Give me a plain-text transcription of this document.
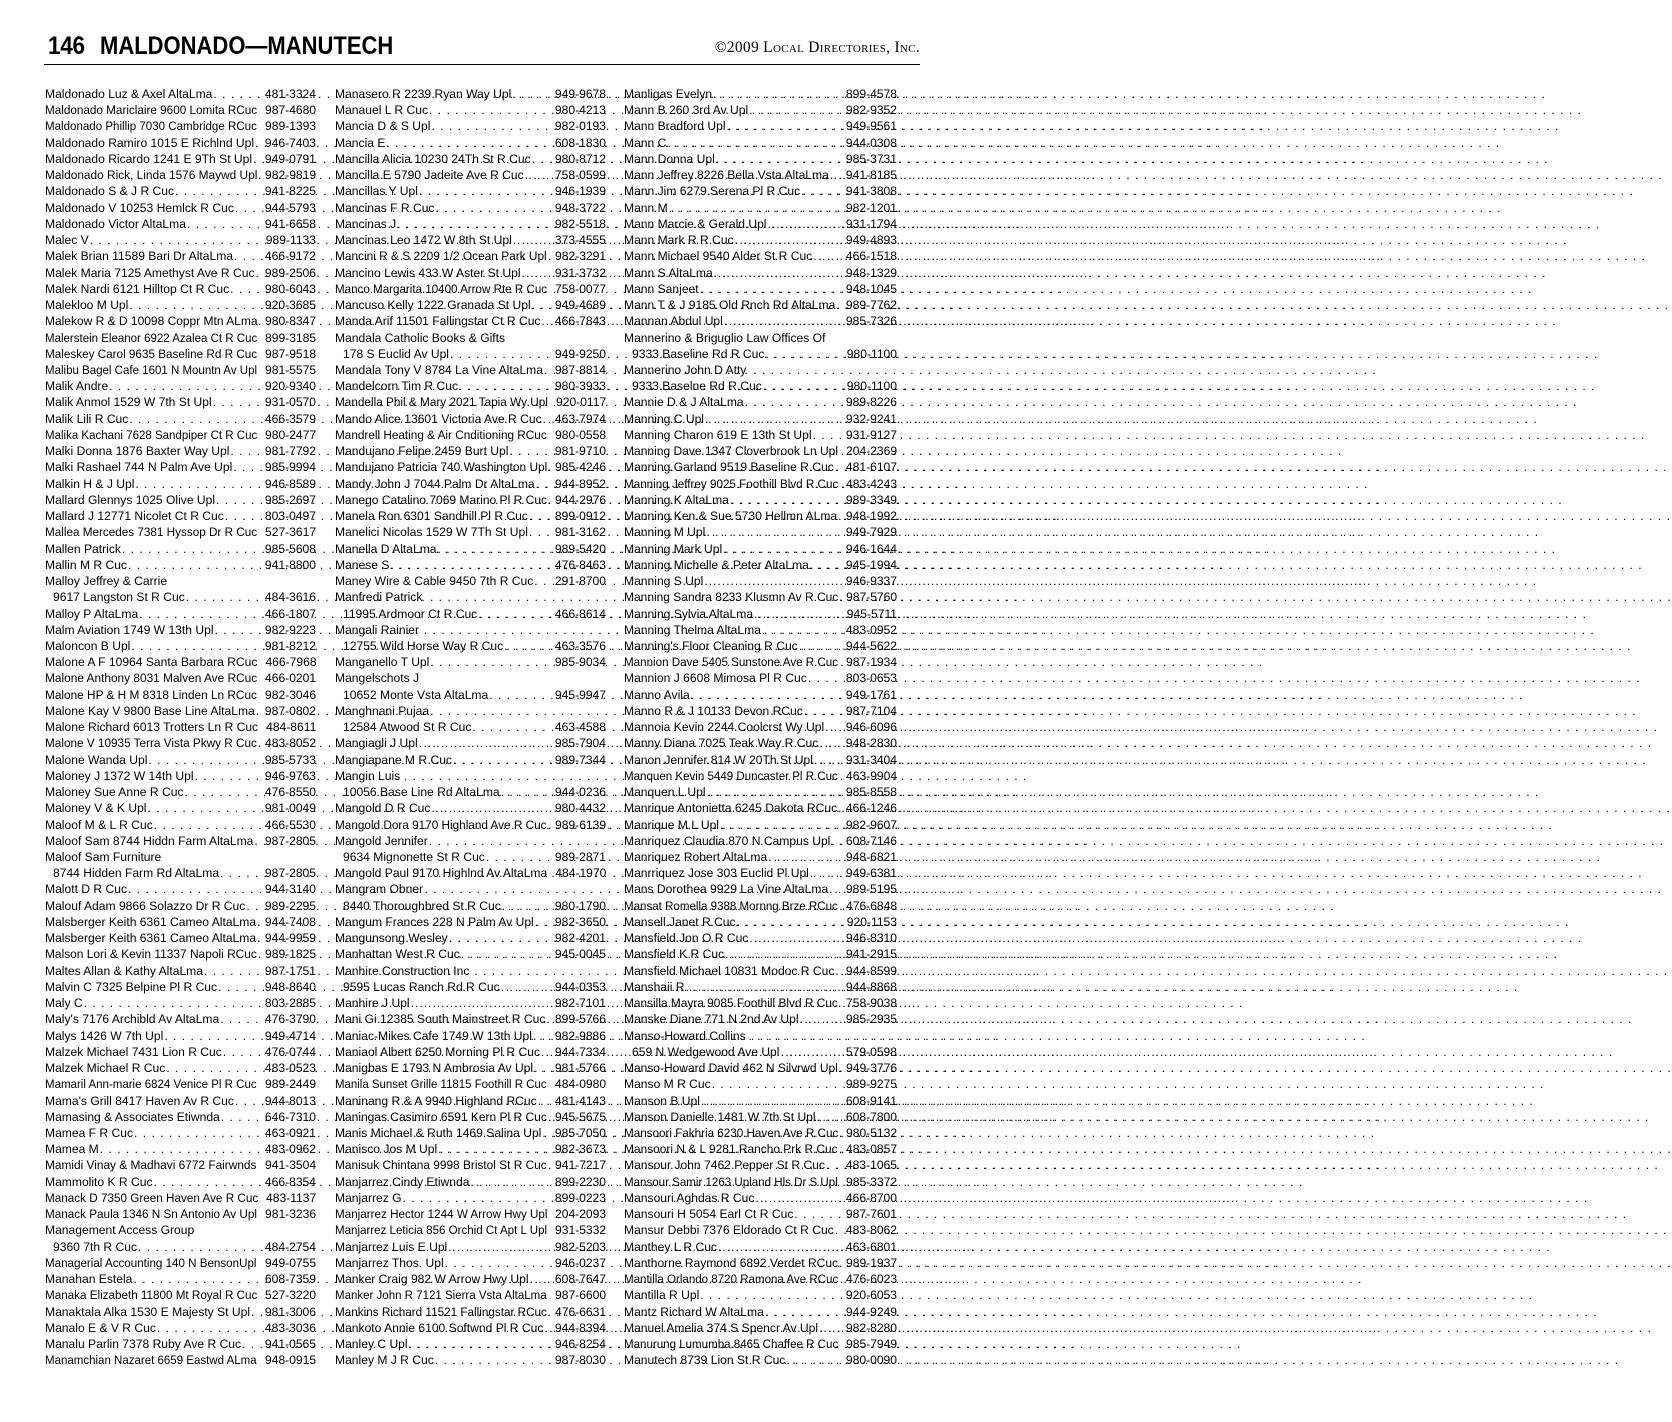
146 MALDONADO—MANUTECH	©2009 Local Directories, Inc.
Maldonado Luz & Axel AltaLma . . .	481-3324
Maldonado Mariclaire 9600 Lomita RCuc 987-4680
Maldonado Phillip 7030 Cambridge RCuc 989-1393
Maldonado Ramiro 1015 E Richlnd Upl . . . 946-7403
Maldonado Ricardo 1241 E 9Th St Upl . . . 949-0791
Maldonado Rick, Linda 1576 Maywd Upl . . . 982-9819
Maldonado S & J R Cuc . . .	941-8225
Maldonado V 10253 Hemlck R Cuc . . .	944-5793
Maldonado Victor AltaLma . . .	941-6658
Malec V . . .	989-1133
Malek Brian 11589 Bari Dr AltaLma . . .	466-9172
Malek Maria 7125 Amethyst Ave R Cuc . . . 989-2506
Malek Nardi 6121 Hilltop Ct R Cuc . . .	980-6043
Malekloo M Upl . . .	920-3685
Malekow R & D 10098 Coppr Mtn ALma . . . 980-8347
Malerstein Eleanor 6922 Azalea Ct R Cuc 899-3185
Maleskey Carol 9635 Baseline Rd R Cuc 987-9518
Malibu Bagel Cafe 1601 N Mountn Av Upl 981-5575
Malik Andre . . .	920-9340
Malik Anmol 1529 W 7th St Upl . . .	931-0570
Malik Lili R Cuc . . .	466-3579
Malika Kachani 7628 Sandpiper Ct R Cuc 980-2477
Malki Donna 1876 Baxter Way Upl . . .	981-7792
Malki Rashael 744 N Palm Ave Upl . . .	985-9994
Malkin H & J Upl . . .	946-8589
Mallard Glennys 1025 Olive Upl . . .	985-2697
Mallard J 12771 Nicolet Ct R Cuc . . .	803-0497
Mallea Mercedes 7381 Hyssop Dr R Cuc 527-3617
Mallen Patrick . . .	985-5608
Mallin M R Cuc . . .	941-8800
Malloy Jeffrey & Carrie
9617 Langston St R Cuc . . .	484-3616
Malloy P AltaLma . . .	466-1807
Malm Aviation 1749 W 13th Upl . . .	982-9223
Maloncon B Upl . . .	981-8212
Malone A F 10964 Santa Barbara RCuc 466-7968
Malone Anthony 8031 Malven Ave RCuc 466-0201
Malone HP & H M 8318 Linden Ln RCuc 982-3046
Malone Kay V 9800 Base Line AltaLma . . . 987-0802
Malone Richard 6013 Trotters Ln R Cuc 484-8611
Malone V 10935 Terra Vista Pkwy R Cuc . . . 483-8052
Malone Wanda Upl . . .	985-5733
Maloney J 1372 W 14th Upl . . .	946-9763
Maloney Sue Anne R Cuc . . .	476-8550
Maloney V & K Upl . . .	981-0049
Maloof M & L R Cuc . . .	466-5530
Maloof Sam 8744 Hiddn Farm AltaLma . . . 987-2805
Maloof Sam Furniture
8744 Hidden Farm Rd AltaLma . . .	987-2805
Malott D R Cuc . . .	944-3140
Malouf Adam 9866 Solazzo Dr R Cuc . . . 989-2295
Malsberger Keith 6361 Cameo AltaLma . . . 944-7408
Malsberger Keith 6361 Cameo AltaLma . . . 944-9959
Malson Lori & Kevin 11337 Napoli RCuc . . . 989-1825
Maltes Allan & Kathy AltaLma . . .	987-1751
Malvin C 7325 Belpine Pl R Cuc . . .	948-8640
Maly C . . .	803-2885
Maly's 7176 Archibld Av AltaLma . . .	476-3790
Malys 1426 W 7th Upl . . .	949-4714
Malzek Michael 7431 Lion R Cuc . . .	476-0744
Malzek Michael R Cuc . . .	483-0523
Mamaril Ann-marie 6824 Venice Pl R Cuc 989-2449
Mama's Grill 8417 Haven Av R Cuc . . .	944-8013
Mamasing & Associates Etiwnda . . .	646-7310
Mamea F R Cuc . . .	463-0921
Mamea M . . .	483-0962
Mamidi Vinay & Madhavi 6772 Fairwnds 941-3504
Mammolito K R Cuc . . .	466-8354
Manack D 7350 Green Haven Ave R Cuc 483-1137
Manack Paula 1346 N Sn Antonio Av Upl 981-3236
Management Access Group
9360 7th R Cuc . . .	484-2754
Managerial Accounting 140 N BensonUpl 949-0755
Manahan Estela . . .	608-7359
Manaka Elizabeth 11800 Mt Royal R Cuc 527-3220
Manaktala Alka 1530 E Majesty St Upl . . . 981-3006
Manalo E & V R Cuc . . .	483-3036
Manalu Parlin 7378 Ruby Ave R Cuc . . . 941-0565
Manamchian Nazaret 6659 Eastwd ALma 948-0915
Manasero R 2239 Ryan Way Upl . . .	949-9678
Manauel L R Cuc . . .	980-4213
Mancia D & S Upl . . .	982-0193
Mancia E . . .	608-1830
Mancilla Alicia 10230 24Th St R Cuc . . . 980-8712
Mancilla E 5790 Jadeite Ave R Cuc . . .	758-0599
Mancillas Y Upl . . .	946-1939
Mancinas F R Cuc . . .	948-3722
Mancinas J . . .	982-5518
Mancinas Leo 1472 W 8th St Upl . . .	373-4555
Mancini R & S 2209 1/2 Ocean Park Upl . . . 982-3291
Mancino Lewis 433 W Aster St Upl . . .	931-3732
Manco Margarita 10400 Arrow Rte R Cuc 758-0077
Mancuso Kelly 1222 Granada St Upl . . . 949-4689
Manda Arif 11501 Fallingstar Ct R Cuc . . . 466-7843
Mandala Catholic Books & Gifts
178 S Euclid Av Upl . . .	949-9250
Mandala Tony V 8784 La Vine AltaLma . . . 987-8814
Mandelcorn Tim R Cuc . . .	980-3933
Mandella Phil & Mary 2021 Tapia Wy Upl 920-0117
Mando Alice 13601 Victoria Ave R Cuc . . . 463-7974
Mandrell Heating & Air Cnditioning RCuc 980-0558
Mandujano Felipe 2459 Burt Upl . . .	981-9710
Mandujano Patricia 740 Washington Upl . . . 985-4246
Mandy John J 7044 Palm Dr AltaLma . . . 944-8952
Manego Catalino 7069 Marino Pl R Cuc . . . 944-2976
Manela Ron 6301 Sandhill Pl R Cuc . . . 899-0912
Manelici Nicolas 1529 W 7Th St Upl . . . 981-3162
Manella D AltaLma . . .	989-5420
Manese S . . .	476-8463
Maney Wire & Cable 9450 7th R Cuc . . . 291-8700
Manfredi Patrick
11995 Ardmoor Ct R Cuc . . .	466-8614
Mangali Rainier
12755 Wild Horse Way R Cuc . . .	463-3576
Manganello T Upl . . .	985-9034
Mangelschots J
10652 Monte Vsta AltaLma . . .	945-9947
Manghnani Pujaa
12584 Atwood St R Cuc . . .	463-4588
Mangiagli J Upl . . .	985-7904
Mangiapane M R Cuc . . .	989-7344
Mangin Luis
10056 Base Line Rd AltaLma . . .	944-0236
Mangold D R Cuc . . .	980-4432
Mangold Dora 9170 Highland Ave R Cuc . . . 989-6139
Mangold Jennifer
9634 Mignonette St R Cuc . . .	989-2871
Mangold Paul 9170 Highlnd Av AltaLma 484-1970
Mangram Obner
8440 Thoroughbred St R Cuc . . .	980-1790
Mangum Frances 228 N Palm Av Upl . . . 982-3650
Mangunsong Wesley . . .	982-4201
Manhattan West R Cuc . . .	945-0045
Manhire Construction Inc
9595 Lucas Ranch Rd R Cuc . . .	944-0353
Manhire J Upl . . .	982-7101
Mani Gi 12385 South Mainstreet R Cuc . . . 899-5766
Maniac-Mikes Cafe 1749 W 13th Upl . . . 982-9886
Maniaol Albert 6250 Morning Pl R Cuc . . . 944-7334
Manigbas E 1793 N Ambrosia Av Upl . . . 981-5766
Manila Sunset Grille 11815 Foothill R Cuc 484-0980
Maninang R & A 9940 Highland RCuc . . . 481-4143
Maningas Casimiro 6591 Kern Pl R Cuc . . . 945-5675
Manis Michael & Ruth 1469 Salina Upl . . . 985-7050
Manisco Jos M Upl . . .	982-3673
Manisuk Chintana 9998 Bristol St R Cuc . . . 941-7217
Manjarrez Cindy Etiwnda . . .	899-2230
Manjarrez G . . .	899-0223
Manjarrez Hector 1244 W Arrow Hwy Upl 204-2093
Manjarrez Leticia 856 Orchid Ct Apt L Upl 931-5332
Manjarrez Luis E Upl . . .	982-5203
Manjarrez Thos. Upl . . .	946-0237
Manker Craig 982 W Arrow Hwy Upl . . . 608-7647
Manker John R 7121 Sierra Vsta AltaLma 987-6600
Mankins Richard 11521 Fallingstar RCuc 476-6631
Mankoto Annie 6100 Softwnd Pl R Cuc . . . 944-8394
Manley C Upl . . .	946-8254
Manley M J R Cuc . . .	987-8030
Manligas Evelyn . . .	899-4578
Mann B 260 3rd Av Upl . . .	982-9352
Mann Bradford Upl . . .	949-9561
Mann C . . .	944-0308
Mann Donna Upl . . .	985-3731
Mann Jeffrey 8226 Bella Vsta AltaLma . . . 941-8185
Mann Jim 6279 Serena Pl R Cuc . . .	941-3808
Mann M . . .	982-1201
Mann Marcie & Gerald Upl . . .	931-1794
Mann Mark R R Cuc . . .	949-4893
Mann Michael 9540 Alder St R Cuc . . .	466-1518
Mann S AltaLma . . .	948-1329
Mann Sanjeet . . .	948-1045
Mann T & J 9185 Old Rnch Rd AltaLma . . . 989-7762
Mannan Abdul Upl . . .	985-7326
Mannerino & Briguglio Law Offices Of
9333 Baseline Rd R Cuc . . .	980-1100
Mannerino John D Atty
9333 Baselne Rd R Cuc . . .	980-1100
Mannie D & J AltaLma . . .	989-8226
Manning C Upl . . .	932-9241
Manning Charon 619 E 13th St Upl . . .	931-9127
Manning Dave 1347 Cloverbrook Ln Upl 204-2369
Manning Garland 9519 Baseline R Cuc . . . 481-6107
Manning Jeffrey 9025 Foothill Blvd R Cuc 483-4243
Manning K AltaLma . . .	989-3349
Manning Ken & Sue 5730 Hellmn ALma . . . 948-1992
Manning M Upl . . .	949-7929
Manning Mark Upl . . .	946-1644
Manning Michelle & Peter AltaLma . . .	945-1994
Manning S Upl . . .	946-9337
Manning Sandra 8233 Klusmn Av R Cuc . . . 987-5760
Manning Sylvia AltaLma . . .	945-5711
Manning Thelma AltaLma . . .	483-0952
Manning's Floor Cleaning R Cuc . . .	944-5622
Mannion Dave 5405 Sunstone Ave R Cuc 987-1934
Mannion J 6608 Mimosa Pl R Cuc . . .	803-0653
Manno Avila . . .	949-1761
Manno R & J 10133 Devon RCuc . . .	987-7104
Mannoia Kevin 2244 Coolcrst Wy Upl . . . 946-6096
Manny Diana 7025 Teak Way R Cuc . . . 948-2830
Manon Jennifer 814 W 20Th St Upl . . .	931-3404
Manquen Kevin 5449 Duncaster Pl R Cuc 463-9904
Manquen L Upl . . .	985-8558
Manrique Antonietta 6245 Dakota RCuc . . . 466-1246
Manrique M L Upl . . .	982-9607
Manriquez Claudia 870 N Campus Upl . . . 608-7146
Manriquez Robert AltaLma . . .	948-6821
Manrriquez Jose 303 Euclid Pl Upl . . .	949-6381
Mans Dorothea 9929 La Vine AltaLma . . . 989-5195
Mansat Romella 9388 Mornng Brze RCuc 476-6848
Mansell Janet R Cuc . . .	920-1153
Mansfield Jon O R Cuc . . .	946-8310
Mansfield K R Cuc . . .	941-2915
Mansfield Michael 10831 Modoc R Cuc . . . 944-8599
Manshaii R . . .	944-8868
Mansilla Mayra 9085 Foothill Blvd R Cuc 758-9038
Manske Diane 771 N 2nd Av Upl . . .	985-2935
Manso-Howard Collins
659 N Wedgewood Ave Upl . . .	579-0598
Manso-Howard David 462 N Silvrwd Upl . . . 949-3776
Manso M R Cuc . . .	989-9275
Manson B Upl . . .	608-9141
Manson Danielle 1481 W 7th St Upl . . .	608-7800
Mansoori Fakhria 6230 Haven Ave R Cuc 980-5132
Mansoori N & L 9281 Rancho Prk R Cuc . . . 483-0857
Mansour John 7462 Pepper St R Cuc . . . 483-1065
Mansour Samir 1263 Upland Hls Dr S Upl 985-3372
Mansouri Aghdas R Cuc . . .	466-8700
Mansouri H 5054 Earl Ct R Cuc . . .	987-7601
Mansur Debbi 7376 Eldorado Ct R Cuc . . . 483-8062
Manthey L R Cuc . . .	463-6801
Manthorne Raymond 6892 Verdet RCuc . . . 989-1937
Mantilla Orlando 8720 Ramona Ave RCuc 476-6023
Mantilla R Upl . . .	920-6053
Mantz Richard W AltaLma . . .	944-9249
Manuel Amelia 374 S Spencr Av Upl . . . 982-8280
Manurung Lumumba 8465 Chaffee R Cuc 985-7949
Manutech 8739 Lion St R Cuc . . .	980-0090
